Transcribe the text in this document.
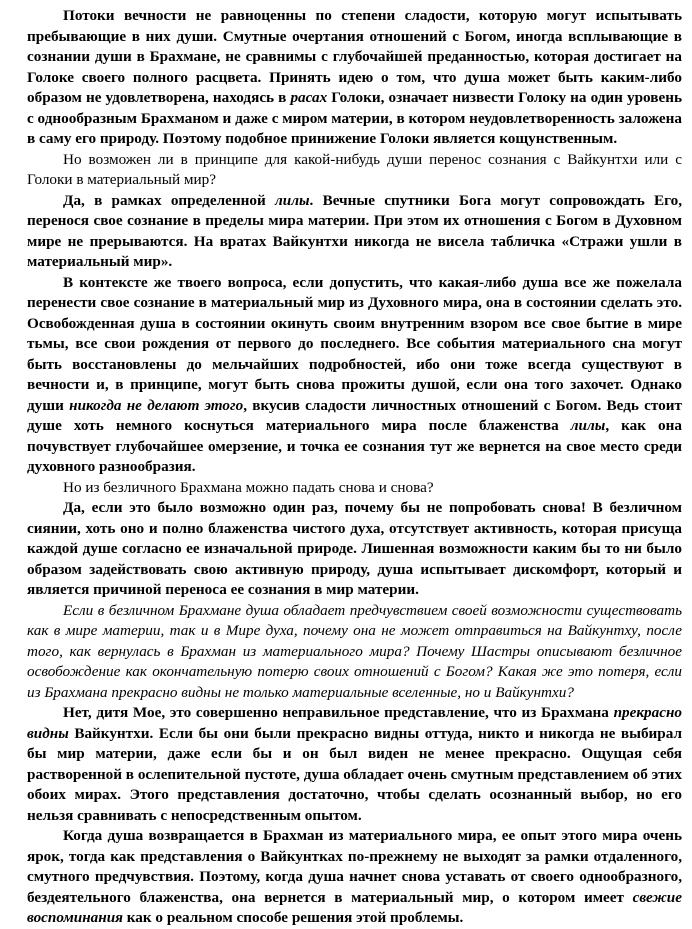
Потоки вечности не равноценны по степени сладости, которую могут испытывать пребывающие в них души. Смутные очертания отношений с Богом, иногда всплывающие в сознании души в Брахмане, не сравнимы с глубочайшей преданностью, которая достигает на Голоке своего полного расцвета. Принять идею о том, что душа может быть каким-либо образом не удовлетворена, находясь в расах Голоки, означает низвести Голоку на один уровень с однообразным Брахманом и даже с миром материи, в котором неудовлетворенность заложена в саму его природу. Поэтому подобное принижение Голоки является кощунственным.

Но возможен ли в принципе для какой-нибудь души перенос сознания с Вайкунтхи или с Голоки в материальный мир?

Да, в рамках определенной лилы. Вечные спутники Бога могут сопровождать Его, перенося свое сознание в пределы мира материи. При этом их отношения с Богом в Духовном мире не прерываются. На вратах Вайкунтхи никогда не висела табличка «Стражи ушли в материальный мир».

В контексте же твоего вопроса, если допустить, что какая-либо душа все же пожелала перенести свое сознание в материальный мир из Духовного мира, она в состоянии сделать это. Освобожденная душа в состоянии окинуть своим внутренним взором все свое бытие в мире тьмы, все свои рождения от первого до последнего. Все события материального сна могут быть восстановлены до мельчайших подробностей, ибо они тоже всегда существуют в вечности и, в принципе, могут быть снова прожиты душой, если она того захочет. Однако души никогда не делают этого, вкусив сладости личностных отношений с Богом. Ведь стоит душе хоть немного коснуться материального мира после блаженства лилы, как она почувствует глубочайшее омерзение, и точка ее сознания тут же вернется на свое место среди духовного разнообразия.

Но из безличного Брахмана можно падать снова и снова?

Да, если это было возможно один раз, почему бы не попробовать снова! В безличном сиянии, хоть оно и полно блаженства чистого духа, отсутствует активность, которая присуща каждой душе согласно ее изначальной природе. Лишенная возможности каким бы то ни было образом задействовать свою активную природу, душа испытывает дискомфорт, который и является причиной переноса ее сознания в мир материи.

Если в безличном Брахмане душа обладает предчувствием своей возможности существовать как в мире материи, так и в Мире духа, почему она не может отправиться на Вайкунтху, после того, как вернулась в Брахман из материального мира? Почему Шастры описывают безличное освобождение как окончательную потерю своих отношений с Богом? Какая же это потеря, если из Брахмана прекрасно видны не только материальные вселенные, но и Вайкунтхи?

Нет, дитя Мое, это совершенно неправильное представление, что из Брахмана прекрасно видны Вайкунтхи. Если бы они были прекрасно видны оттуда, никто и никогда не выбирал бы мир материи, даже если бы и он был виден не менее прекрасно. Ощущая себя растворенной в ослепительной пустоте, душа обладает очень смутным представлением об этих обоих мирах. Этого представления достаточно, чтобы сделать осознанный выбор, но его нельзя сравнивать с непосредственным опытом.

Когда душа возвращается в Брахман из материального мира, ее опыт этого мира очень ярок, тогда как представления о Вайкунтках по-прежнему не выходят за рамки отдаленного, смутного предчувствия. Поэтому, когда душа начнет снова уставать от своего однообразного, бездеятельного блаженства, она вернется в материальный мир, о котором имеет свежие воспоминания как о реальном способе решения этой проблемы.
